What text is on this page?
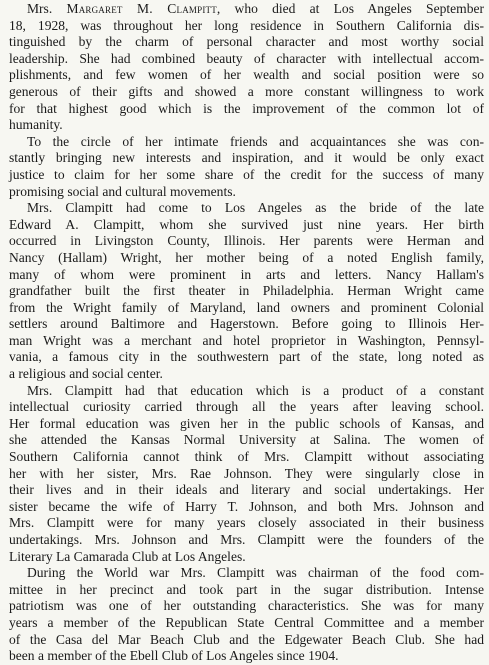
Mrs. Margaret M. Clampitt, who died at Los Angeles September
18, 1928, was throughout her long residence in Southern California dis-
tinguished by the charm of personal character and most worthy social
leadership. She had combined beauty of character with intellectual accom-
plishments, and few women of her wealth and social position were so
generous of their gifts and showed a more constant willingness to work
for that highest good which is the improvement of the common lot of
humanity.
To the circle of her intimate friends and acquaintances she was con-
stantly bringing new interests and inspiration, and it would be only exact
justice to claim for her some share of the credit for the success of many
promising social and cultural movements.
Mrs. Clampitt had come to Los Angeles as the bride of the late
Edward A. Clampitt, whom she survived just nine years. Her birth
occurred in Livingston County, Illinois. Her parents were Herman and
Nancy (Hallam) Wright, her mother being of a noted English family,
many of whom were prominent in arts and letters. Nancy Hallam's
grandfather built the first theater in Philadelphia. Herman Wright came
from the Wright family of Maryland, land owners and prominent Colonial
settlers around Baltimore and Hagerstown. Before going to Illinois Her-
man Wright was a merchant and hotel proprietor in Washington, Pennsyl-
vania, a famous city in the southwestern part of the state, long noted as
a religious and social center.
Mrs. Clampitt had that education which is a product of a constant
intellectual curiosity carried through all the years after leaving school.
Her formal education was given her in the public schools of Kansas, and
she attended the Kansas Normal University at Salina. The women of
Southern California cannot think of Mrs. Clampitt without associating
her with her sister, Mrs. Rae Johnson. They were singularly close in
their lives and in their ideals and literary and social undertakings. Her
sister became the wife of Harry T. Johnson, and both Mrs. Johnson and
Mrs. Clampitt were for many years closely associated in their business
undertakings. Mrs. Johnson and Mrs. Clampitt were the founders of the
Literary La Camarada Club at Los Angeles.
During the World war Mrs. Clampitt was chairman of the food com-
mittee in her precinct and took part in the sugar distribution. Intense
patriotism was one of her outstanding characteristics. She was for many
years a member of the Republican State Central Committee and a member
of the Casa del Mar Beach Club and the Edgewater Beach Club. She had
been a member of the Ebell Club of Los Angeles since 1904.
